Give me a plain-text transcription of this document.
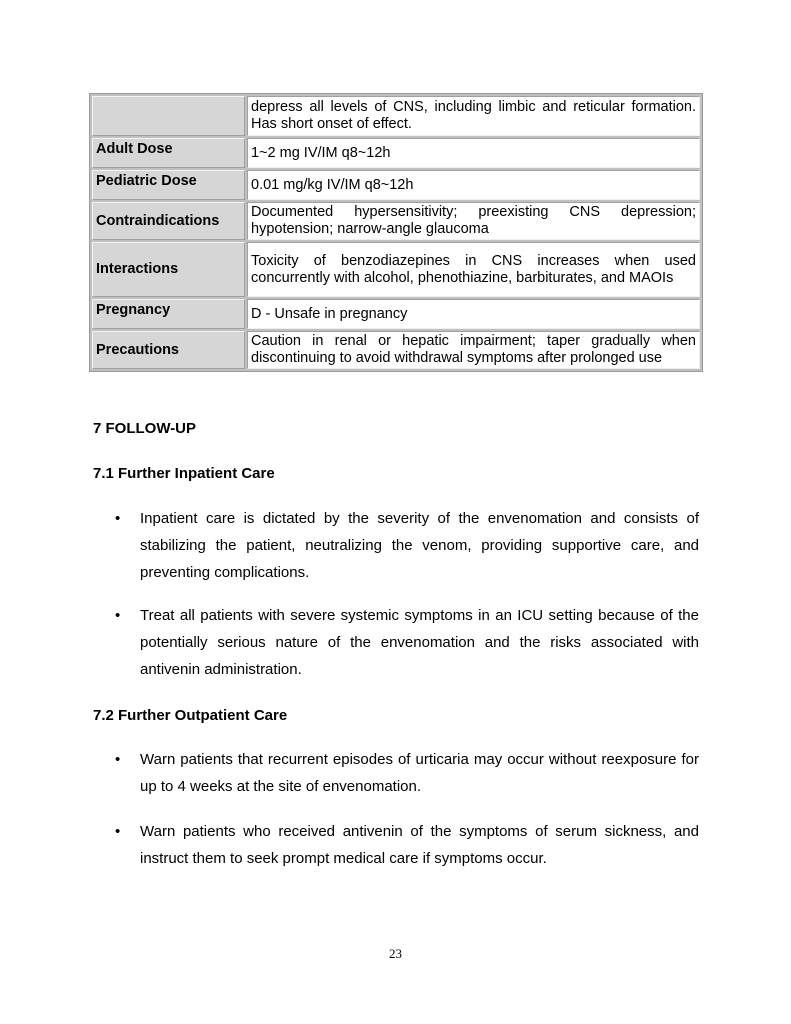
	depress all levels of CNS, including limbic and reticular formation. Has short onset of effect.
Adult Dose	1~2 mg IV/IM q8~12h
Pediatric Dose	0.01 mg/kg IV/IM q8~12h
Contraindications	Documented hypersensitivity; preexisting CNS depression; hypotension; narrow-angle glaucoma
Interactions	Toxicity of benzodiazepines in CNS increases when used concurrently with alcohol, phenothiazine, barbiturates, and MAOIs
Pregnancy	D - Unsafe in pregnancy
Precautions	Caution in renal or hepatic impairment; taper gradually when discontinuing to avoid withdrawal symptoms after prolonged use
7 FOLLOW-UP
7.1 Further Inpatient Care
• Inpatient care is dictated by the severity of the envenomation and consists of stabilizing the patient, neutralizing the venom, providing supportive care, and preventing complications.
• Treat all patients with severe systemic symptoms in an ICU setting because of the potentially serious nature of the envenomation and the risks associated with antivenin administration.
7.2 Further Outpatient Care
• Warn patients that recurrent episodes of urticaria may occur without reexposure for up to 4 weeks at the site of envenomation.
• Warn patients who received antivenin of the symptoms of serum sickness, and instruct them to seek prompt medical care if symptoms occur.
23
